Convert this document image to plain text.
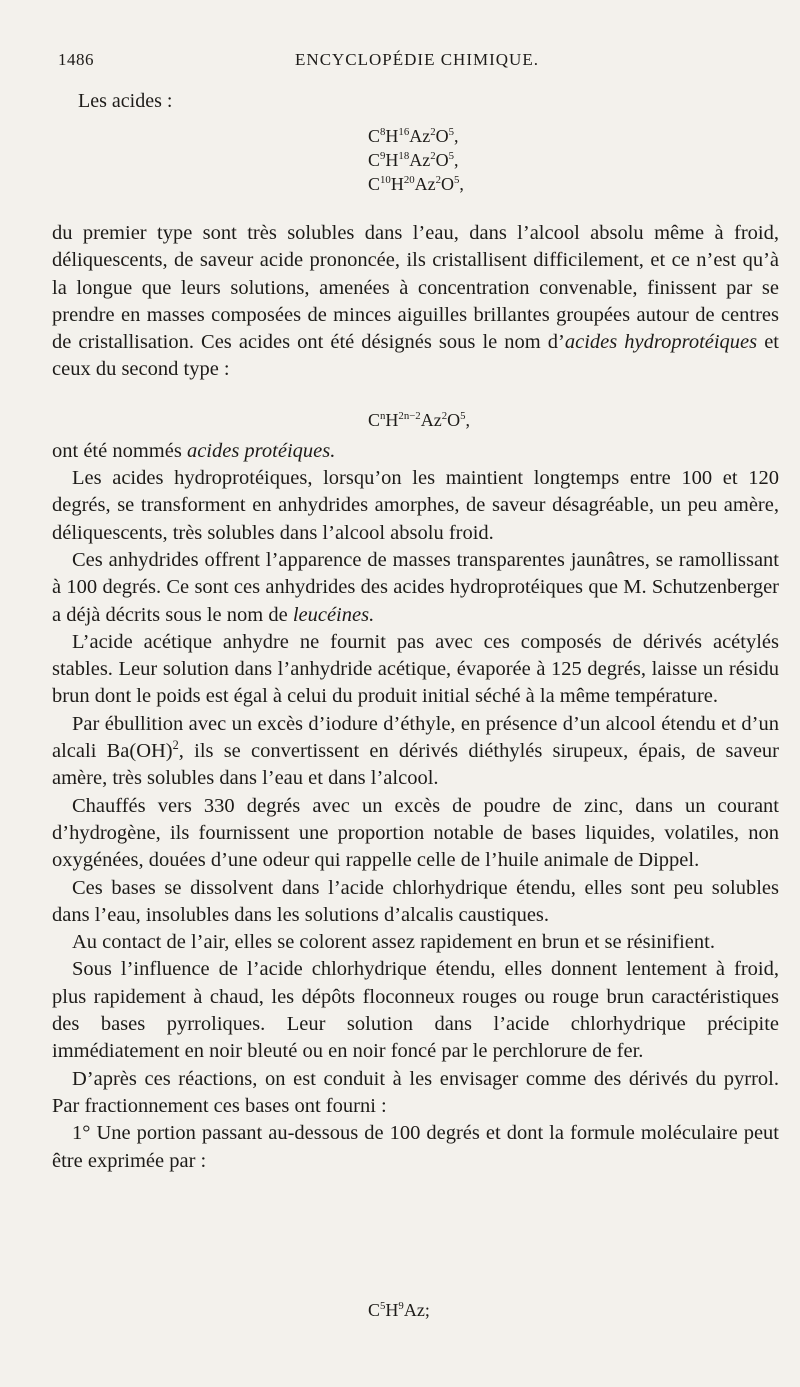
1486	ENCYCLOPÉDIE CHIMIQUE.
Les acides :
$C^8H^{16}Az^2O^5$,
$C^9H^{18}Az^2O^5$,
$C^{10}H^{20}Az^2O^5$,

du premier type sont très solubles dans l’eau, dans l’alcool absolu même à froid, déliquescents, de saveur acide prononcée, ils cristallisent difficilement, et ce n’est qu’à la longue que leurs solutions, amenées à concentration convenable, finissent par se prendre en masses composées de minces aiguilles brillantes groupées autour de centres de cristallisation. Ces acides ont été désignés sous le nom d’acides hydroprotéiques et ceux du second type :

ont été nommés acides protéiques.

Les acides hydroprotéiques, lorsqu’on les maintient longtemps entre 100 et 120 degrés, se transforment en anhydrides amorphes, de saveur désagréable, un peu amère, déliquescents, très solubles dans l’alcool absolu froid.

Ces anhydrides offrent l’apparence de masses transparentes jaunâtres, se ramollissant à 100 degrés. Ce sont ces anhydrides des acides hydroprotéiques que M. Schutzenberger a déjà décrits sous le nom de leucéines.

L’acide acétique anhydre ne fournit pas avec ces composés de dérivés acétylés stables. Leur solution dans l’anhydride acétique, évaporée à 125 degrés, laisse un résidu brun dont le poids est égal à celui du produit initial séché à la même température.

Par ébullition avec un excès d’iodure d’éthyle, en présence d’un alcool étendu et d’un alcali Ba(OH)$^2$, ils se convertissent en dérivés diéthylés sirupeux, épais, de saveur amère, très solubles dans l’eau et dans l’alcool.

Chauffés vers 330 degrés avec un excès de poudre de zinc, dans un courant d’hydrogène, ils fournissent une proportion notable de bases liquides, volatiles, non oxygénées, douées d’une odeur qui rappelle celle de l’huile animale de Dippel.

Ces bases se dissolvent dans l’acide chlorhydrique étendu, elles sont peu solubles dans l’eau, insolubles dans les solutions d’alcalis caustiques.

Au contact de l’air, elles se colorent assez rapidement en brun et se résinifient.

Sous l’influence de l’acide chlorhydrique étendu, elles donnent lentement à froid, plus rapidement à chaud, les dépôts floconneux rouges ou rouge brun caractéristiques des bases pyrroliques. Leur solution dans l’acide chlorhydrique précipite immédiatement en noir bleuté ou en noir foncé par le perchlorure de fer.

D’après ces réactions, on est conduit à les envisager comme des dérivés du pyrrol. Par fractionnement ces bases ont fourni :

1° Une portion passant au-dessous de 100 degrés et dont la formule moléculaire peut être exprimée par :

$C^nH^{2n-2}Az^2O^5$,
$C^5H^9Az$;
